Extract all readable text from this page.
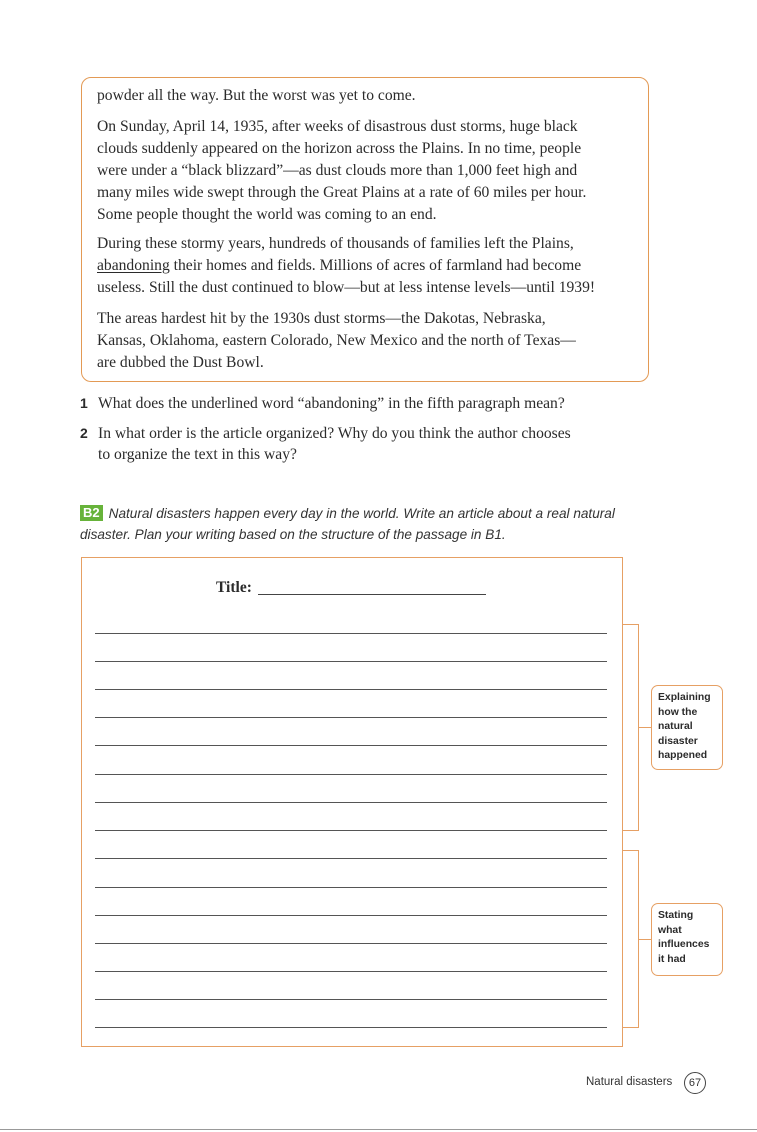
powder all the way. But the worst was yet to come.

On Sunday, April 14, 1935, after weeks of disastrous dust storms, huge black
clouds suddenly appeared on the horizon across the Plains. In no time, people
were under a “black blizzard”—as dust clouds more than 1,000 feet high and
many miles wide swept through the Great Plains at a rate of 60 miles per hour.
Some people thought the world was coming to an end.

During these stormy years, hundreds of thousands of families left the Plains,
abandoning their homes and fields. Millions of acres of farmland had become
useless. Still the dust continued to blow—but at less intense levels—until 1939!

The areas hardest hit by the 1930s dust storms—the Dakotas, Nebraska,
Kansas, Oklahoma, eastern Colorado, New Mexico and the north of Texas—
are dubbed the Dust Bowl.

1 What does the underlined word “abandoning” in the fifth paragraph mean?
2 In what order is the article organized? Why do you think the author chooses
to organize the text in this way?
B2 Natural disasters happen every day in the world. Write an article about a real natural disaster. Plan your writing based on the structure of the passage in B1.
Title:
Explaining
how the
natural
disaster
happened
Stating
what
influences
it had
Natural disasters	67
